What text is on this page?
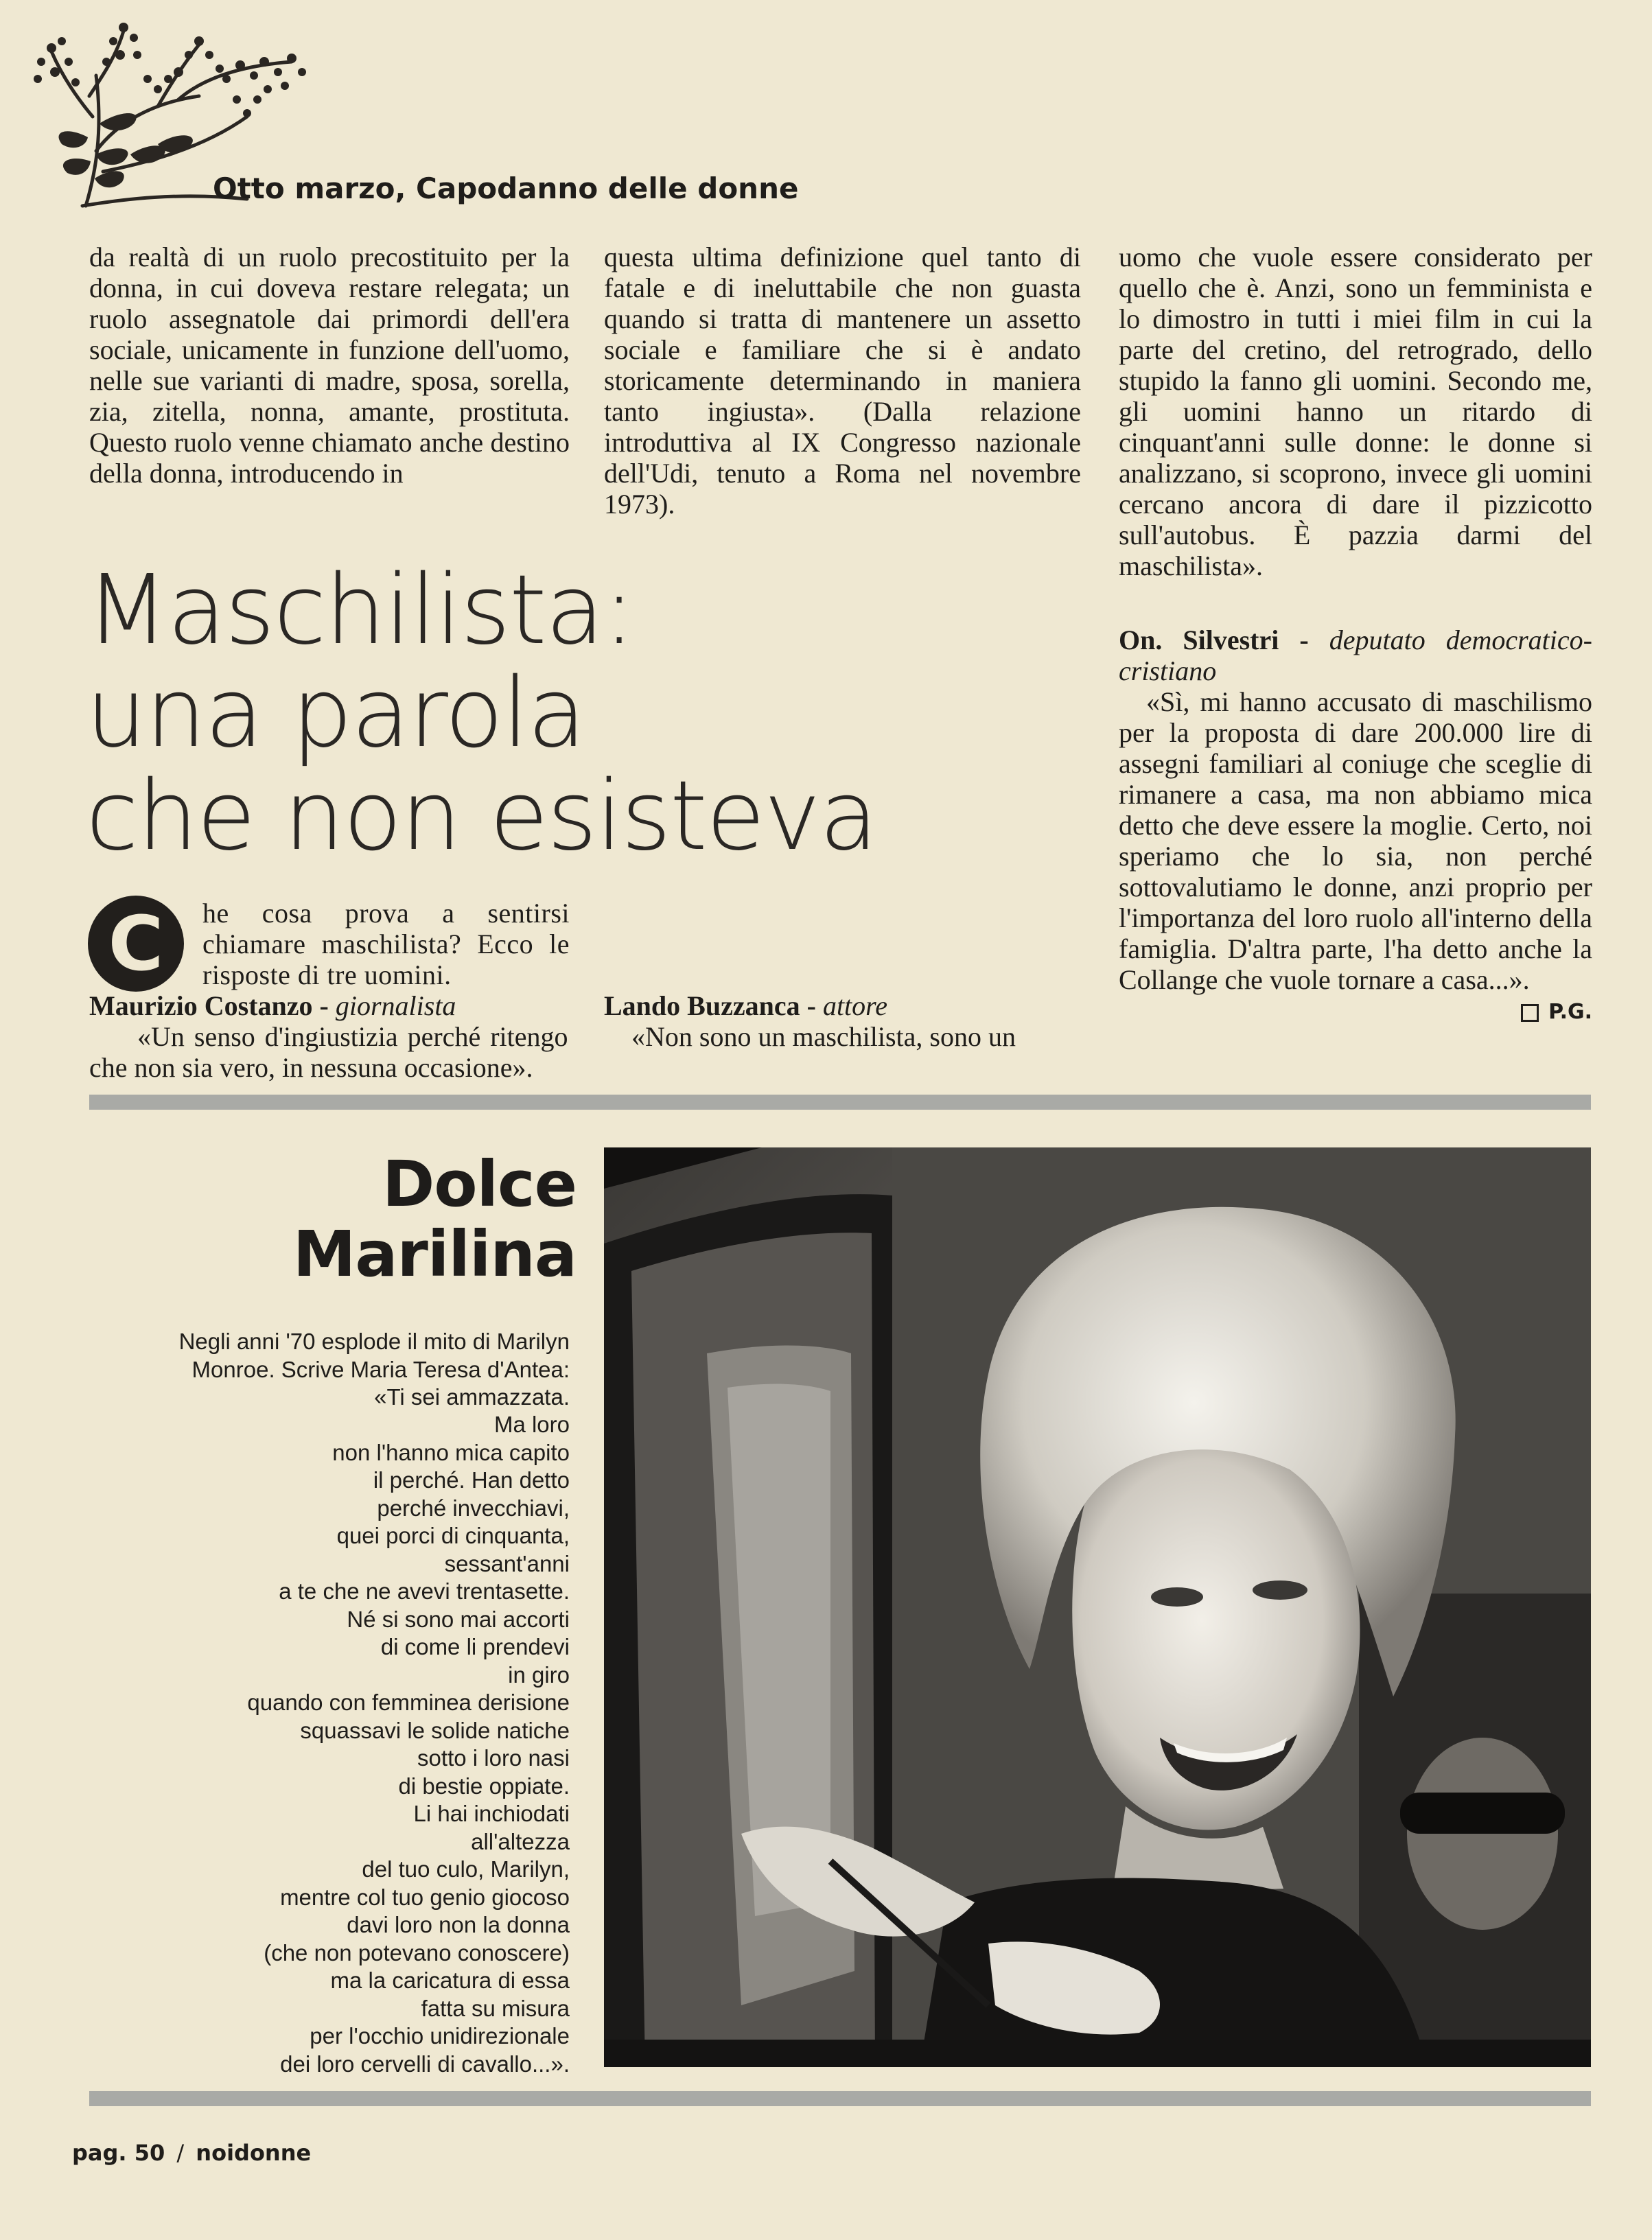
Otto marzo, Capodanno delle donne
da realtà di un ruolo precostituito per la donna, in cui doveva restare relegata; un ruolo assegnatole dai primordi dell'era sociale, unicamente in funzione dell'uomo, nelle sue varianti di madre, sposa, sorella, zia, zitella, nonna, amante, prostituta. Questo ruolo venne chiamato anche destino della donna, introducendo in
questa ultima definizione quel tanto di fatale e di ineluttabile che non guasta quando si tratta di mantenere un assetto sociale e familiare che si è andato storicamente determinando in maniera tanto ingiusta». (Dalla relazione introduttiva al IX Congresso nazionale dell'Udi, tenuto a Roma nel novembre 1973).
uomo che vuole essere considerato per quello che è. Anzi, sono un femminista e lo dimostro in tutti i miei film in cui la parte del cretino, del retrogrado, dello stupido la fanno gli uomini. Secondo me, gli uomini hanno un ritardo di cinquant'anni sulle donne: le donne si analizzano, si scoprono, invece gli uomini cercano ancora di dare il pizzicotto sull'autobus. È pazzia darmi del maschilista».
Maschilista:
una parola
che non esisteva
C he cosa prova a sentirsi chiamare maschilista? Ecco le risposte di tre uomini.

Maurizio Costanzo - giornalista

«Un senso d'ingiustizia perché ritengo che non sia vero, in nessuna occasione».

Lando Buzzanca - attore

«Non sono un maschilista, sono un

On. Silvestri - deputato democratico-cristiano

«Sì, mi hanno accusato di maschilismo per la proposta di dare 200.000 lire di assegni familiari al coniuge che sceglie di rimanere a casa, ma non abbiamo mica detto che deve essere la moglie. Certo, noi speriamo che lo sia, non perché sottovalutiamo le donne, anzi proprio per l'importanza del loro ruolo all'interno della famiglia. D'altra parte, l'ha detto anche la Collange che vuole tornare a casa...».

P.G.

Dolce
Marilina
Negli anni '70 esplode il mito di Marilyn Monroe. Scrive Maria Teresa d'Antea: «Ti sei ammazzata.
Ma loro
non l'hanno mica capito
il perché. Han detto
perché invecchiavi,
quei porci di cinquanta,
sessant'anni
a te che ne avevi trentasette.
Né si sono mai accorti
di come li prendevi
in giro
quando con femminea derisione
squassavi le solide natiche
sotto i loro nasi
di bestie oppiate.
Li hai inchiodati
all'altezza
del tuo culo, Marilyn,
mentre col tuo genio giocoso
davi loro non la donna
(che non potevano conoscere)
ma la caricatura di essa
fatta su misura
per l'occhio unidirezionale
dei loro cervelli di cavallo...».
pag. 50 / noidonne
